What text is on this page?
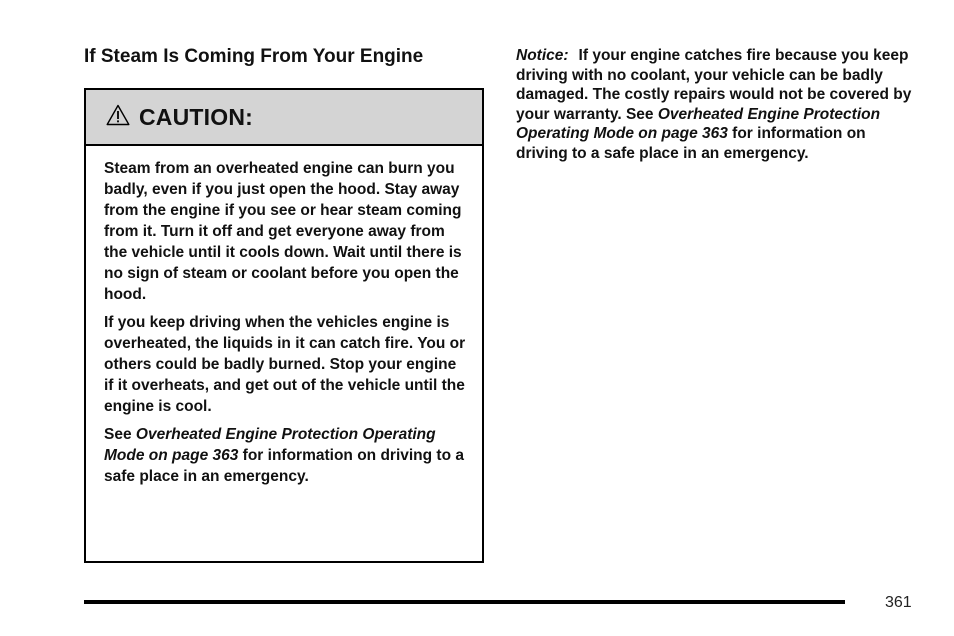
If Steam Is Coming From Your Engine
CAUTION:

Steam from an overheated engine can burn you badly, even if you just open the hood. Stay away from the engine if you see or hear steam coming from it. Turn it off and get everyone away from the vehicle until it cools down. Wait until there is no sign of steam or coolant before you open the hood.

If you keep driving when the vehicles engine is overheated, the liquids in it can catch fire. You or others could be badly burned. Stop your engine if it overheats, and get out of the vehicle until the engine is cool.

See Overheated Engine Protection Operating Mode on page 363 for information on driving to a safe place in an emergency.

Notice: If your engine catches fire because you keep driving with no coolant, your vehicle can be badly damaged. The costly repairs would not be covered by your warranty. See Overheated Engine Protection Operating Mode on page 363 for information on driving to a safe place in an emergency.

361
